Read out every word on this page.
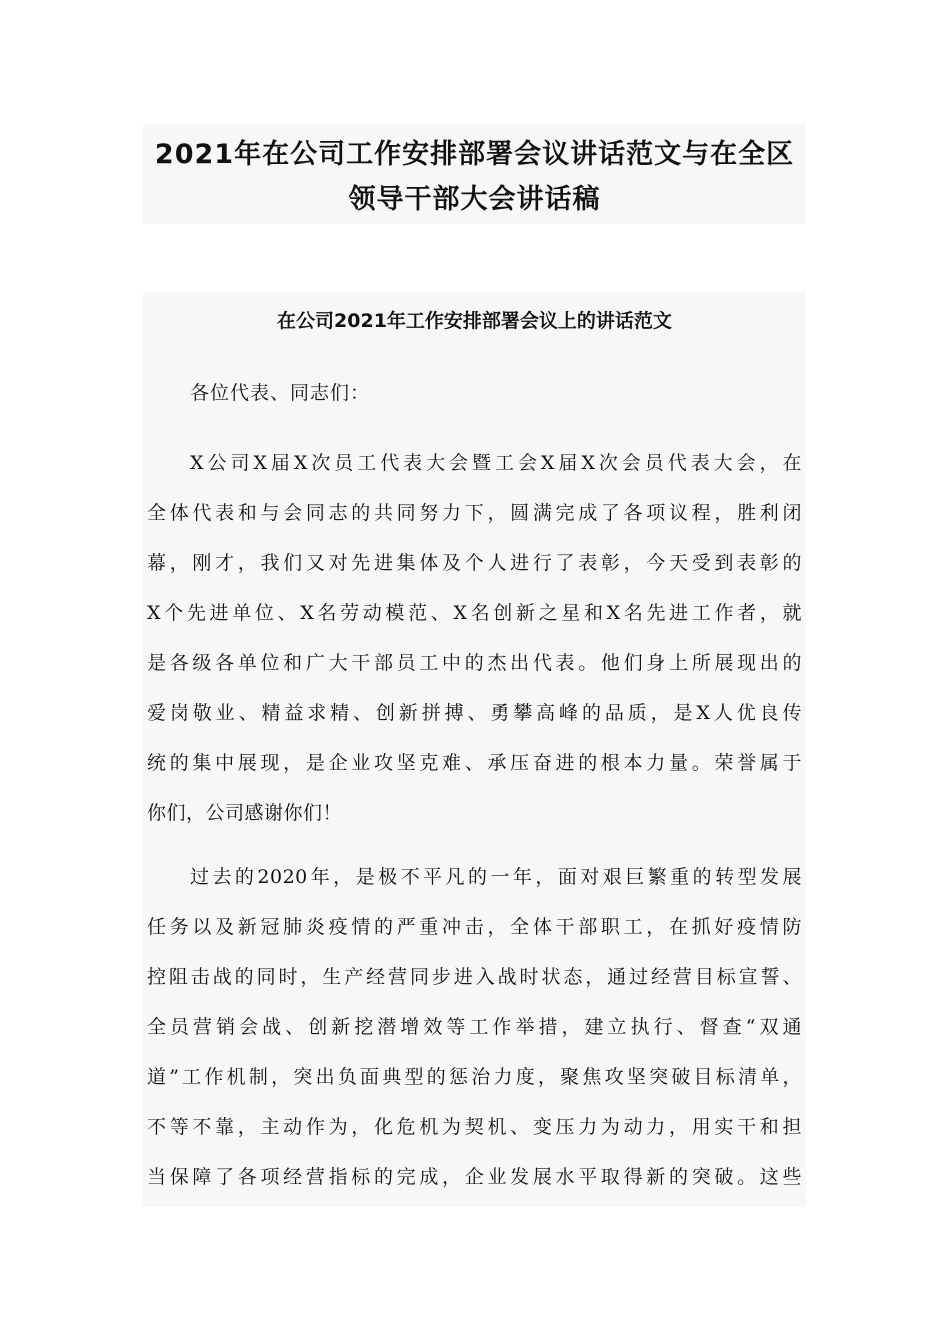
2021年在公司工作安排部署会议讲话范文与在全区
领导干部大会讲话稿
在公司2021年工作安排部署会议上的讲话范文

各位代表、同志们：

X公司X届X次员工代表大会暨工会X届X次会员代表大会，在
全体代表和与会同志的共同努力下，圆满完成了各项议程，胜利闭
幕，刚才，我们又对先进集体及个人进行了表彰，今天受到表彰的
X个先进单位、X名劳动模范、X名创新之星和X名先进工作者，就
是各级各单位和广大干部员工中的杰出代表。他们身上所展现出的
爱岗敬业、精益求精、创新拼搏、勇攀高峰的品质，是X人优良传
统的集中展现，是企业攻坚克难、承压奋进的根本力量。荣誉属于
你们，公司感谢你们！
过去的2020年，是极不平凡的一年，面对艰巨繁重的转型发展
任务以及新冠肺炎疫情的严重冲击，全体干部职工，在抓好疫情防
控阻击战的同时，生产经营同步进入战时状态，通过经营目标宣誓、
全员营销会战、创新挖潜增效等工作举措，建立执行、督查“双通
道”工作机制，突出负面典型的惩治力度，聚焦攻坚突破目标清单，
不等不靠，主动作为，化危机为契机、变压力为动力，用实干和担
当保障了各项经营指标的完成，企业发展水平取得新的突破。这些
